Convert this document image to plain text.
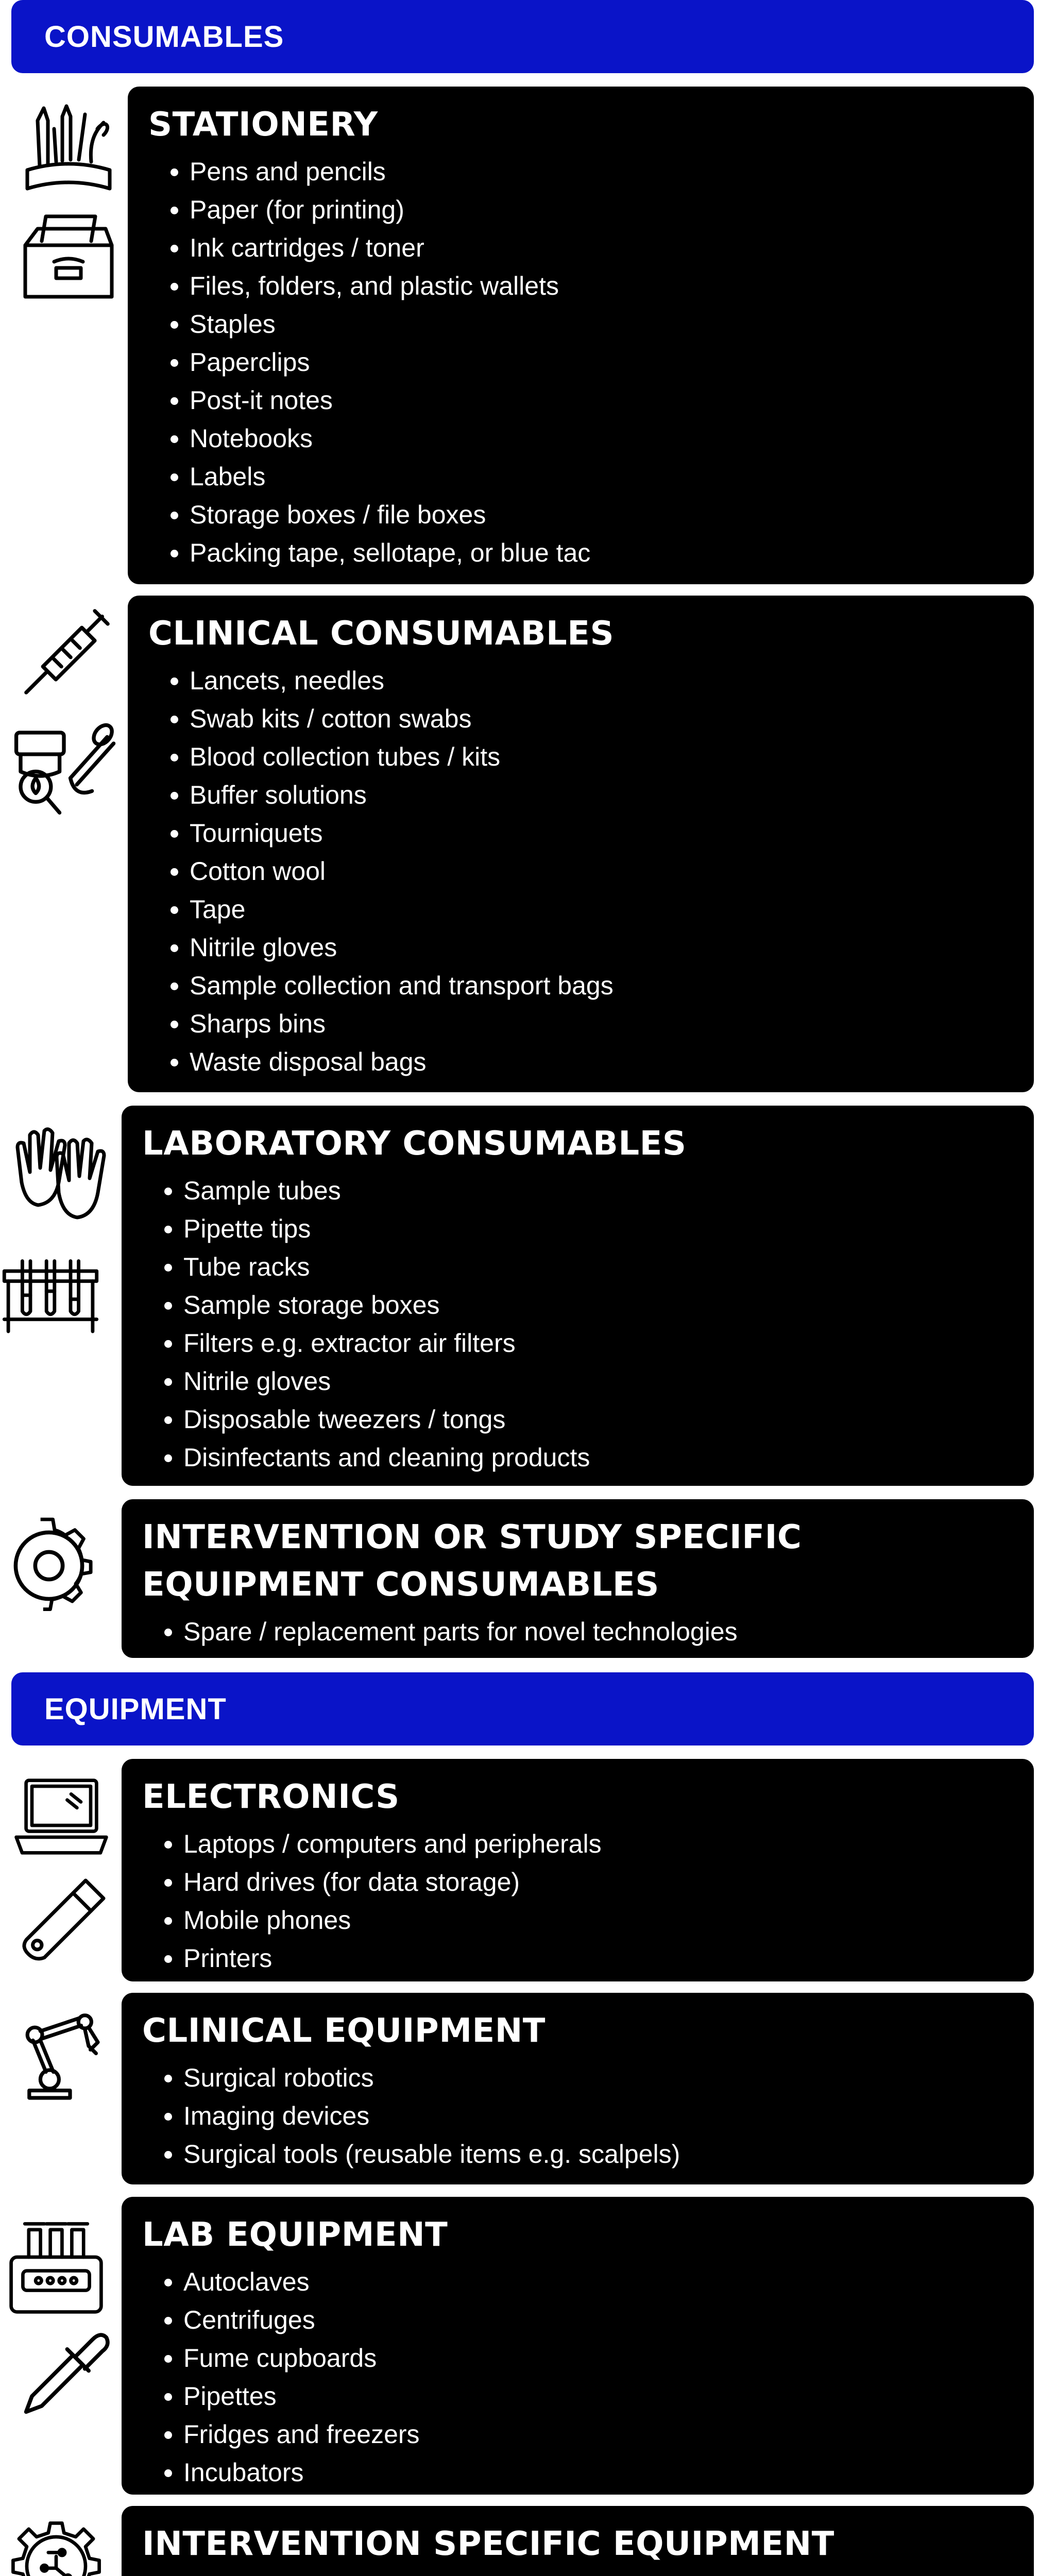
CONSUMABLES
STATIONERY
• Pens and pencils
• Paper (for printing)
• Ink cartridges / toner
• Files, folders, and plastic wallets
• Staples
• Paperclips
• Post-it notes
• Notebooks
• Labels
• Storage boxes / file boxes
• Packing tape, sellotape, or blue tac
CLINICAL CONSUMABLES
• Lancets, needles
• Swab kits / cotton swabs
• Blood collection tubes / kits
• Buffer solutions
• Tourniquets
• Cotton wool
• Tape
• Nitrile gloves
• Sample collection and transport bags
• Sharps bins
• Waste disposal bags
LABORATORY CONSUMABLES
• Sample tubes
• Pipette tips
• Tube racks
• Sample storage boxes
• Filters e.g. extractor air filters
• Nitrile gloves
• Disposable tweezers / tongs
• Disinfectants and cleaning products
INTERVENTION OR STUDY SPECIFIC EQUIPMENT CONSUMABLES
• Spare / replacement parts for novel technologies
EQUIPMENT
ELECTRONICS
• Laptops / computers and peripherals
• Hard drives (for data storage)
• Mobile phones
• Printers
CLINICAL EQUIPMENT
• Surgical robotics
• Imaging devices
• Surgical tools (reusable items e.g. scalpels)
LAB EQUIPMENT
• Autoclaves
• Centrifuges
• Fume cupboards
• Pipettes
• Fridges and freezers
• Incubators
INTERVENTION SPECIFIC EQUIPMENT
•
